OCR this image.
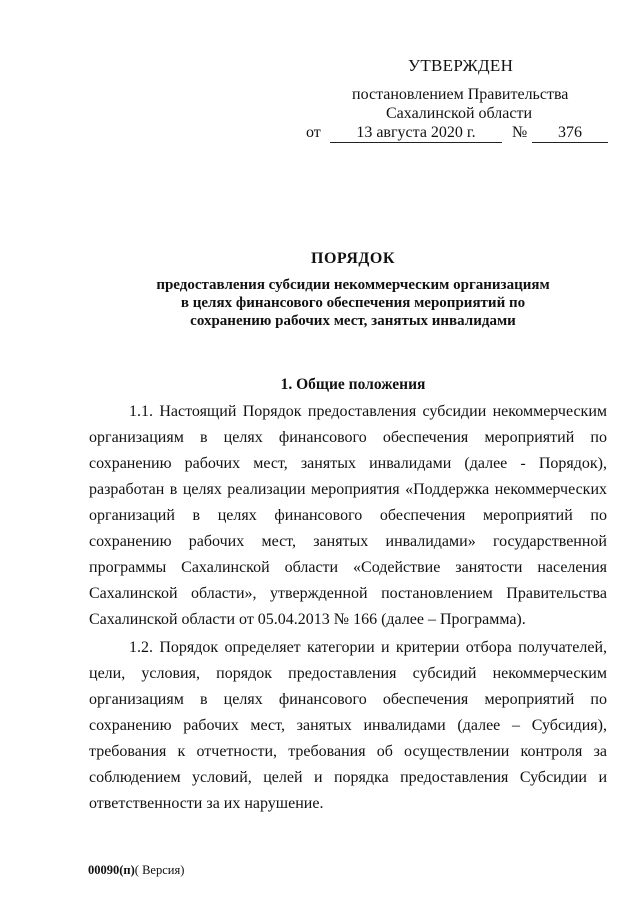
УТВЕРЖДЕН
постановлением Правительства
Сахалинской области
от	13 августа 2020 г.	№	376
ПОРЯДОК
предоставления субсидии некоммерческим организациям
в целях финансового обеспечения мероприятий по
сохранению рабочих мест, занятых инвалидами
1. Общие положения

1.1. Настоящий Порядок предоставления субсидии некоммерческим организациям в целях финансового обеспечения мероприятий по сохранению рабочих мест, занятых инвалидами (далее - Порядок), разработан в целях реализации мероприятия «Поддержка некоммерческих организаций в целях финансового обеспечения мероприятий по сохранению рабочих мест, занятых инвалидами» государственной программы Сахалинской области «Содействие занятости населения Сахалинской области», утвержденной постановлением Правительства Сахалинской области от 05.04.2013 № 166 (далее – Программа).

1.2. Порядок определяет категории и критерии отбора получателей, цели, условия, порядок предоставления субсидий некоммерческим организациям в целях финансового обеспечения мероприятий по сохранению рабочих мест, занятых инвалидами (далее – Субсидия), требования к отчетности, требования об осуществлении контроля за соблюдением условий, целей и порядка предоставления Субсидии и ответственности за их нарушение.

00090(п)( Версия)
